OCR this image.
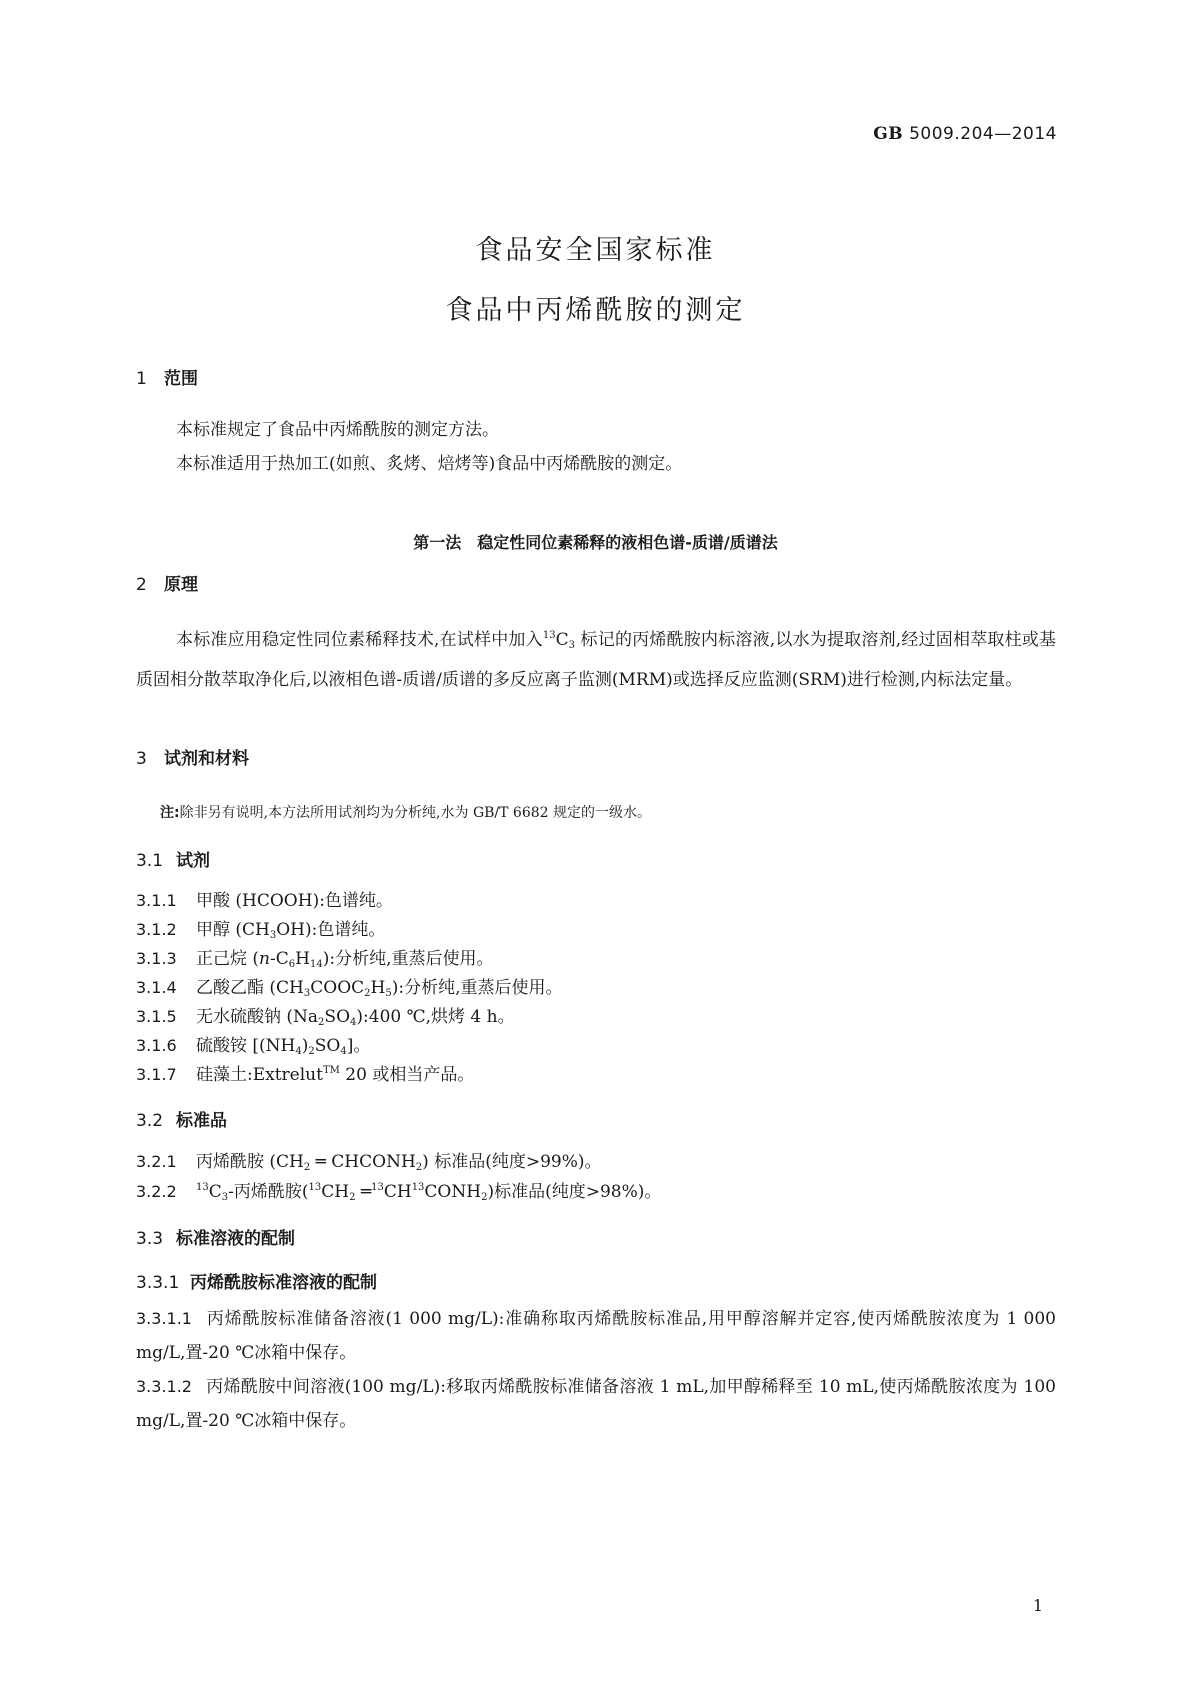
GB 5009.204—2014
食品安全国家标准
食品中丙烯酰胺的测定
1 范围
本标准规定了食品中丙烯酰胺的测定方法。
本标准适用于热加工(如煎、炙烤、焙烤等)食品中丙烯酰胺的测定。
第一法　稳定性同位素稀释的液相色谱-质谱/质谱法
2 原理
本标准应用稳定性同位素稀释技术,在试样中加入$^{13}C_3$ 标记的丙烯酰胺内标溶液,以水为提取溶剂,经过固相萃取柱或基质固相分散萃取净化后,以液相色谱-质谱/质谱的多反应离子监测(MRM)或选择反应监测(SRM)进行检测,内标法定量。
3 试剂和材料
注:除非另有说明,本方法所用试剂均为分析纯,水为 GB/T 6682 规定的一级水。
3.1 试剂
3.1.1 甲酸 (HCOOH):色谱纯。
3.1.2 甲醇 $(CH_3OH)$:色谱纯。
3.1.3 正己烷 $(n-C_6H_{14})$:分析纯,重蒸后使用。
3.1.4 乙酸乙酯 $(CH_3COOC_2H_5)$:分析纯,重蒸后使用。
3.1.5 无水硫酸钠 $(Na_2SO_4):400$ ℃,烘烤 4 h。
3.1.6 硫酸铵 $[(NH_4)_2SO_4]$。
3.1.7 硅藻土:Extrelut™ 20 或相当产品。
3.2 标准品
3.2.1 丙烯酰胺 ($CH_2$ ═ $CHCONH_2$) 标准品(纯度>99%)。
3.2.2 $^{13}C_3-$丙烯酰胺($^{13}CH_2$ $═^{13}CH^{13}CONH_2$)标准品(纯度>98%)。
3.3 标准溶液的配制
3.3.1 丙烯酰胺标准溶液的配制
3.3.1.1 丙烯酰胺标准储备溶液(1 000 mg/L):准确称取丙烯酰胺标准品,用甲醇溶解并定容,使丙烯酰胺浓度为 1 000 mg/L,置-20 ℃冰箱中保存。
3.3.1.2 丙烯酰胺中间溶液(100 mg/L):移取丙烯酰胺标准储备溶液 1 mL,加甲醇稀释至 10 mL,使丙烯酰胺浓度为 100 mg/L,置-20 ℃冰箱中保存。
1
